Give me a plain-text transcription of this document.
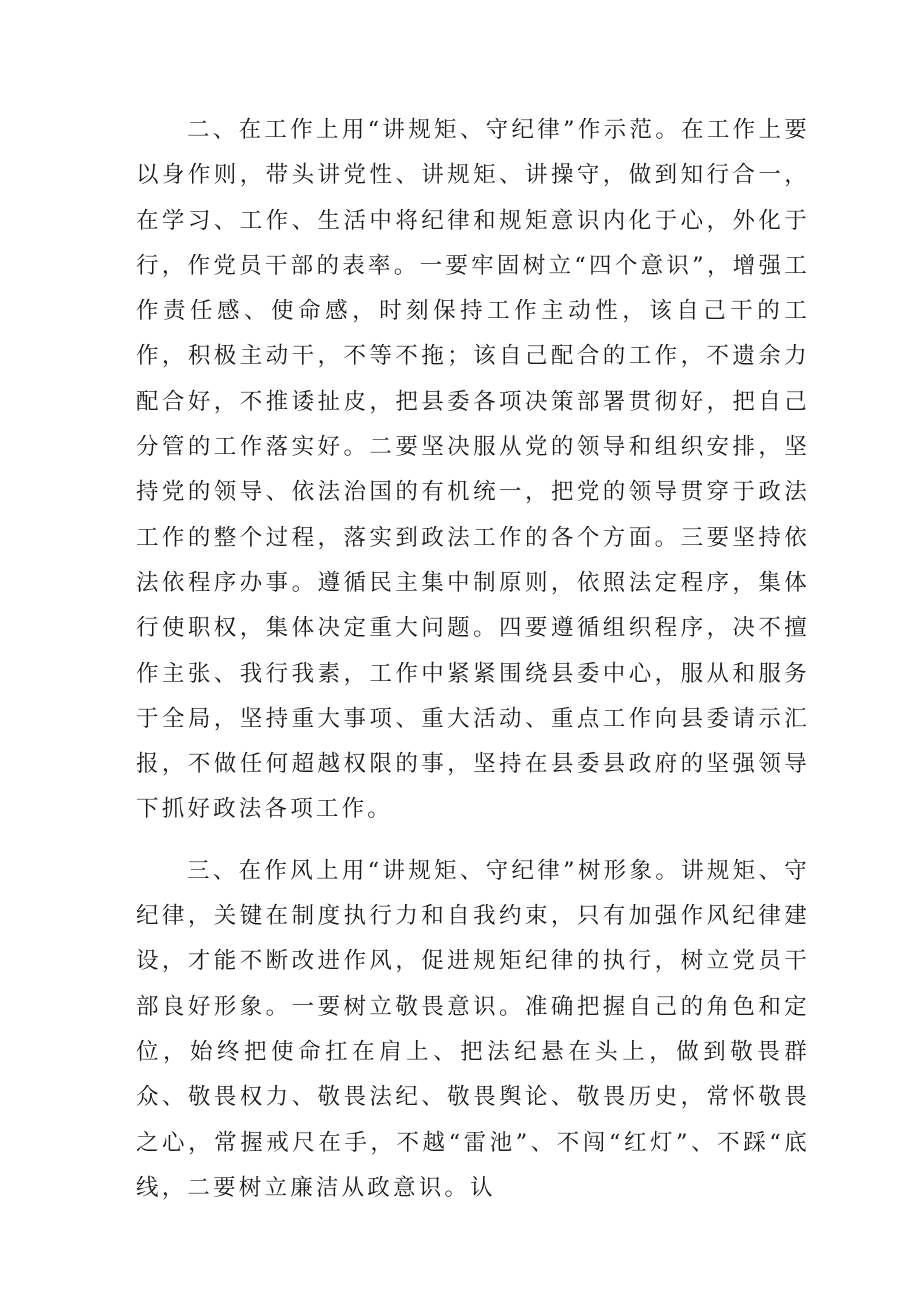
二、在工作上用“讲规矩、守纪律”作示范。在工作上要以身作则，带头讲党性、讲规矩、讲操守，做到知行合一，在学习、工作、生活中将纪律和规矩意识内化于心，外化于行，作党员干部的表率。一要牢固树立“四个意识”，增强工作责任感、使命感，时刻保持工作主动性，该自己干的工作，积极主动干，不等不拖；该自己配合的工作，不遗余力配合好，不推诿扯皮，把县委各项决策部署贯彻好，把自己分管的工作落实好。二要坚决服从党的领导和组织安排，坚持党的领导、依法治国的有机统一，把党的领导贯穿于政法工作的整个过程，落实到政法工作的各个方面。三要坚持依法依程序办事。遵循民主集中制原则，依照法定程序，集体行使职权，集体决定重大问题。四要遵循组织程序，决不擅作主张、我行我素，工作中紧紧围绕县委中心，服从和服务于全局，坚持重大事项、重大活动、重点工作向县委请示汇报，不做任何超越权限的事，坚持在县委县政府的坚强领导下抓好政法各项工作。

三、在作风上用“讲规矩、守纪律”树形象。讲规矩、守纪律，关键在制度执行力和自我约束，只有加强作风纪律建设，才能不断改进作风，促进规矩纪律的执行，树立党员干部良好形象。一要树立敬畏意识。准确把握自己的角色和定位，始终把使命扛在肩上、把法纪悬在头上，做到敬畏群众、敬畏权力、敬畏法纪、敬畏舆论、敬畏历史，常怀敬畏之心，常握戒尺在手，不越“雷池”、不闯“红灯”、不踩“底线，二要树立廉洁从政意识。认
